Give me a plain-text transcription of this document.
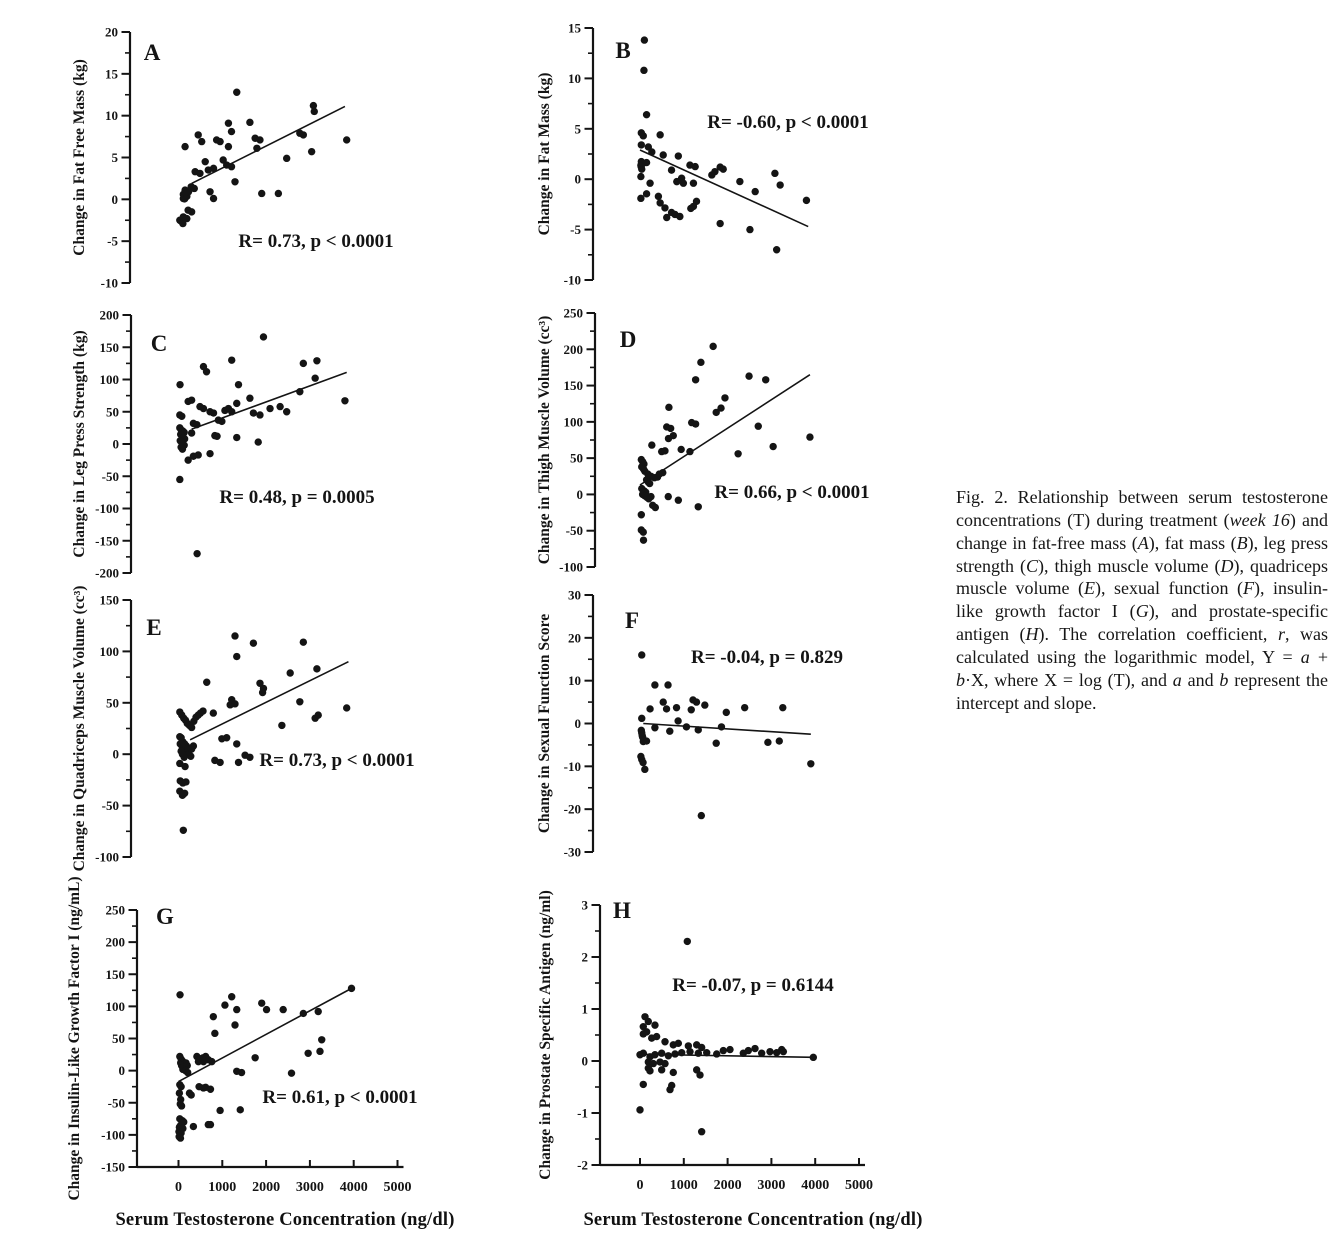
20
15
10
5
0
-5
-10
A
R= 0.73, p < 0.0001
Change in Fat Free Mass (kg)
15
10
5
0
-5
-10
B
R= -0.60, p < 0.0001
Change in Fat Mass (kg)
200
150
100
50
0
-50
-100
-150
-200
C
R= 0.48, p = 0.0005
Change in Leg Press Strength (kg)
250
200
150
100
50
0
-50
-100
D
R= 0.66, p < 0.0001
Change in Thigh Muscle Volume (cc³)
150
100
50
0
-50
-100
E
R= 0.73, p < 0.0001
Change in Quadriceps Muscle Volume (cc³)	30
20
10
0
-10
-20
-30
F
R= -0.04, p = 0.829
Change in Sexual Function Score
250
200
150
100
50
0
-50
-100
-150
0 1000 2000 3000 4000 5000
G
R= 0.61, p < 0.0001
Change in Insulin-Like Growth Factor I (ng/mL)	3
2
1
0
-1
-2
0 1000 2000 3000 4000 5000
H
R= -0.07, p = 0.6144
Change in Prostate Specific Antigen (ng/ml)
Serum Testosterone Concentration (ng/dl)	Serum Testosterone Concentration (ng/dl)
Fig. 2. Relationship between serum testosterone concentrations (T) during treatment (week 16) and change in fat-free mass (A), fat mass (B), leg press strength (C), thigh muscle volume (D), quadriceps muscle volume (E), sexual function (F), insulin-like growth factor I (G), and prostate-specific antigen (H). The correlation coefficient, r, was calculated using the logarithmic model, Y = a + b·X, where X = log (T), and a and b represent the intercept and slope.
